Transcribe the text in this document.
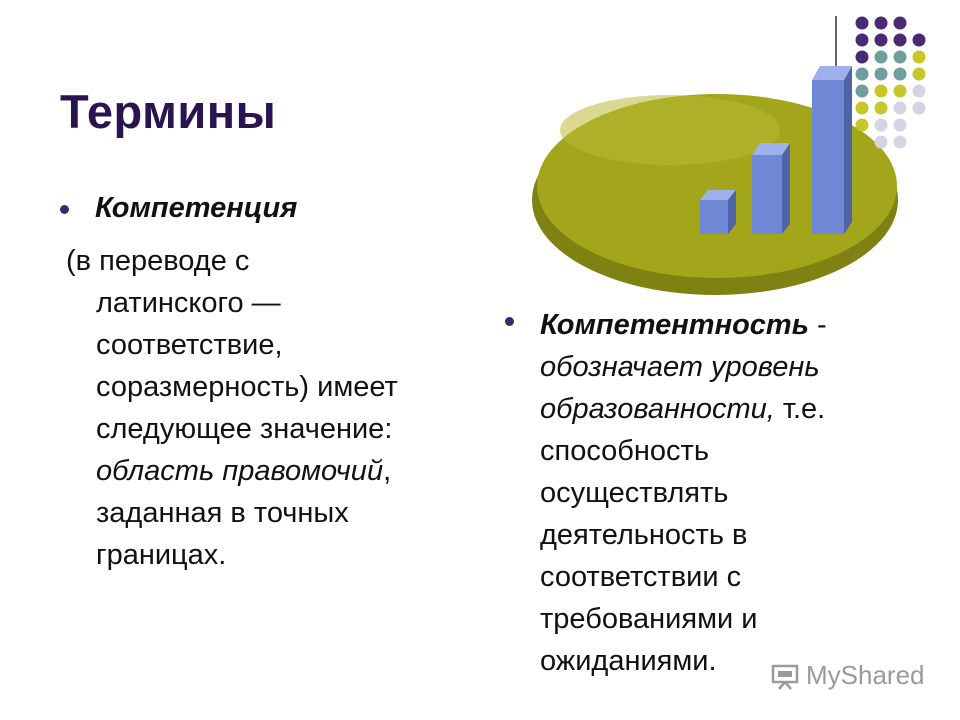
Термины
Компетенция
(в переводе с
латинского —
соответствие,
соразмерность) имеет
следующее значение:
область правомочий,
заданная в точных
границах.
Компетентность -
обозначает уровень
образованности, т.е.
способность
осуществлять
деятельность в
соответствии с
требованиями и
ожиданиями.	MyShared
